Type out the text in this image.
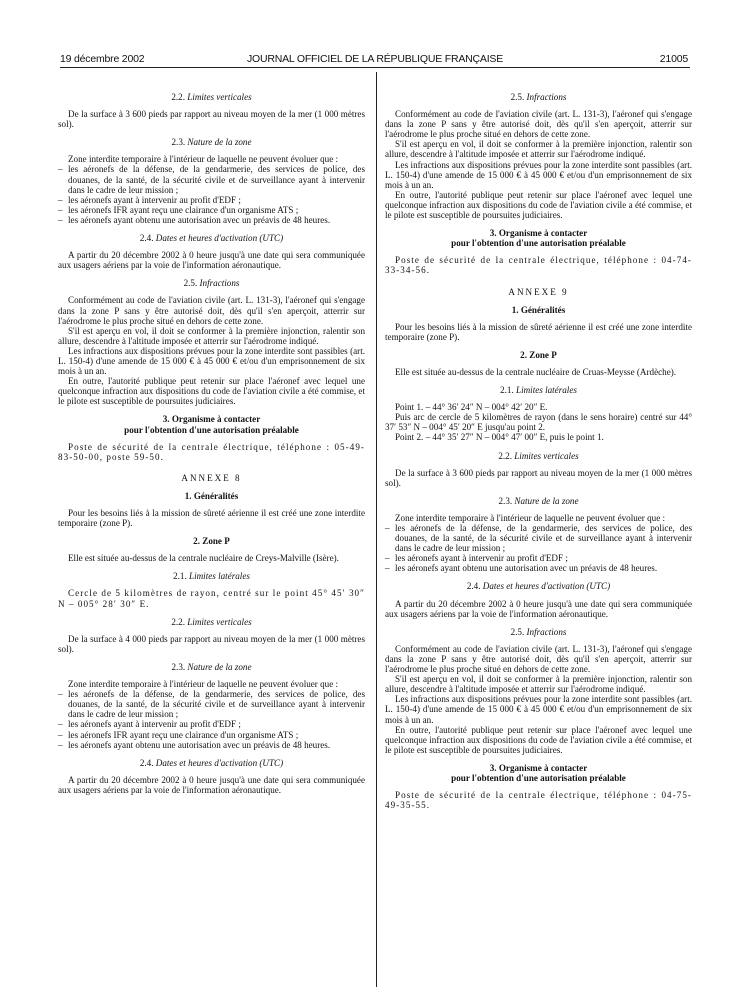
19 décembre 2002	JOURNAL OFFICIEL DE LA RÉPUBLIQUE FRANÇAISE	21005
2.2. Limites verticales

De la surface à 3 600 pieds par rapport au niveau moyen de la mer (1 000 mètres sol).

2.3. Nature de la zone

Zone interdite temporaire à l'intérieur de laquelle ne peuvent évoluer que :

– les aéronefs de la défense, de la gendarmerie, des services de police, des douanes, de la santé, de la sécurité civile et de surveillance ayant à intervenir dans le cadre de leur mission ;
– les aéronefs ayant à intervenir au profit d'EDF ;
– les aéronefs IFR ayant reçu une clairance d'un organisme ATS ;
– les aéronefs ayant obtenu une autorisation avec un préavis de 48 heures.
2.4. Dates et heures d'activation (UTC)

A partir du 20 décembre 2002 à 0 heure jusqu'à une date qui sera communiquée aux usagers aériens par la voie de l'information aéronautique.

2.5. Infractions

Conformément au code de l'aviation civile (art. L. 131-3), l'aéronef qui s'engage dans la zone P sans y être autorisé doit, dès qu'il s'en aperçoit, atterrir sur l'aérodrome le plus proche situé en dehors de cette zone.

S'il est aperçu en vol, il doit se conformer à la première injonction, ralentir son allure, descendre à l'altitude imposée et atterrir sur l'aérodrome indiqué.

Les infractions aux dispositions prévues pour la zone interdite sont passibles (art. L. 150-4) d'une amende de 15 000 € à 45 000 € et/ou d'un emprisonnement de six mois à un an.

En outre, l'autorité publique peut retenir sur place l'aéronef avec lequel une quelconque infraction aux dispositions du code de l'aviation civile a été commise, et le pilote est susceptible de poursuites judiciaires.

3. Organisme à contacter
pour l'obtention d'une autorisation préalable

Poste de sécurité de la centrale électrique, téléphone : 05-49-83-50-00, poste 59-50.

ANNEXE 8
1. Généralités

Pour les besoins liés à la mission de sûreté aérienne il est créé une zone interdite temporaire (zone P).

2. Zone P

Elle est située au-dessus de la centrale nucléaire de Creys-Malville (Isère).

2.1. Limites latérales

Cercle de 5 kilomètres de rayon, centré sur le point 45° 45′ 30″ N – 005° 28′ 30″ E.

2.2. Limites verticales

De la surface à 4 000 pieds par rapport au niveau moyen de la mer (1 000 mètres sol).

2.3. Nature de la zone

Zone interdite temporaire à l'intérieur de laquelle ne peuvent évoluer que :

– les aéronefs de la défense, de la gendarmerie, des services de police, des douanes, de la santé, de la sécurité civile et de surveillance ayant à intervenir dans le cadre de leur mission ;
– les aéronefs ayant à intervenir au profit d'EDF ;
– les aéronefs IFR ayant reçu une clairance d'un organisme ATS ;
– les aéronefs ayant obtenu une autorisation avec un préavis de 48 heures.
2.4. Dates et heures d'activation (UTC)

A partir du 20 décembre 2002 à 0 heure jusqu'à une date qui sera communiquée aux usagers aériens par la voie de l'information aéronautique.

2.5. Infractions

Conformément au code de l'aviation civile (art. L. 131-3), l'aéronef qui s'engage dans la zone P sans y être autorisé doit, dès qu'il s'en aperçoit, atterrir sur l'aérodrome le plus proche situé en dehors de cette zone.

S'il est aperçu en vol, il doit se conformer à la première injonction, ralentir son allure, descendre à l'altitude imposée et atterrir sur l'aérodrome indiqué.

Les infractions aux dispositions prévues pour la zone interdite sont passibles (art. L. 150-4) d'une amende de 15 000 € à 45 000 € et/ou d'un emprisonnement de six mois à un an.

En outre, l'autorité publique peut retenir sur place l'aéronef avec lequel une quelconque infraction aux dispositions du code de l'aviation civile a été commise, et le pilote est susceptible de poursuites judiciaires.

3. Organisme à contacter
pour l'obtention d'une autorisation préalable

Poste de sécurité de la centrale électrique, téléphone : 04-74-33-34-56.

ANNEXE 9
1. Généralités

Pour les besoins liés à la mission de sûreté aérienne il est créé une zone interdite temporaire (zone P).

2. Zone P

Elle est située au-dessus de la centrale nucléaire de Cruas-Meysse (Ardèche).

2.1. Limites latérales

Point 1. – 44° 36′ 24″ N – 004° 42′ 20″ E.

Puis arc de cercle de 5 kilomètres de rayon (dans le sens horaire) centré sur 44° 37′ 53″ N – 004° 45′ 20″ E jusqu'au point 2.

Point 2. – 44° 35′ 27″ N – 004° 47′ 00″ E, puis le point 1.

2.2. Limites verticales

De la surface à 3 600 pieds par rapport au niveau moyen de la mer (1 000 mètres sol).

2.3. Nature de la zone

Zone interdite temporaire à l'intérieur de laquelle ne peuvent évoluer que :

– les aéronefs de la défense, de la gendarmerie, des services de police, des douanes, de la santé, de la sécurité civile et de surveillance ayant à intervenir dans le cadre de leur mission ;
– les aéronefs ayant à intervenir au profit d'EDF ;
– les aéronefs ayant obtenu une autorisation avec un préavis de 48 heures.
2.4. Dates et heures d'activation (UTC)

A partir du 20 décembre 2002 à 0 heure jusqu'à une date qui sera communiquée aux usagers aériens par la voie de l'information aéronautique.

2.5. Infractions

Conformément au code de l'aviation civile (art. L. 131-3), l'aéronef qui s'engage dans la zone P sans y être autorisé doit, dès qu'il s'en aperçoit, atterrir sur l'aérodrome le plus proche situé en dehors de cette zone.

S'il est aperçu en vol, il doit se conformer à la première injonction, ralentir son allure, descendre à l'altitude imposée et atterrir sur l'aérodrome indiqué.

Les infractions aux dispositions prévues pour la zone interdite sont passibles (art. L. 150-4) d'une amende de 15 000 € à 45 000 € et/ou d'un emprisonnement de six mois à un an.

En outre, l'autorité publique peut retenir sur place l'aéronef avec lequel une quelconque infraction aux dispositions du code de l'aviation civile a été commise, et le pilote est susceptible de poursuites judiciaires.

3. Organisme à contacter
pour l'obtention d'une autorisation préalable

Poste de sécurité de la centrale électrique, téléphone : 04-75-49-35-55.
